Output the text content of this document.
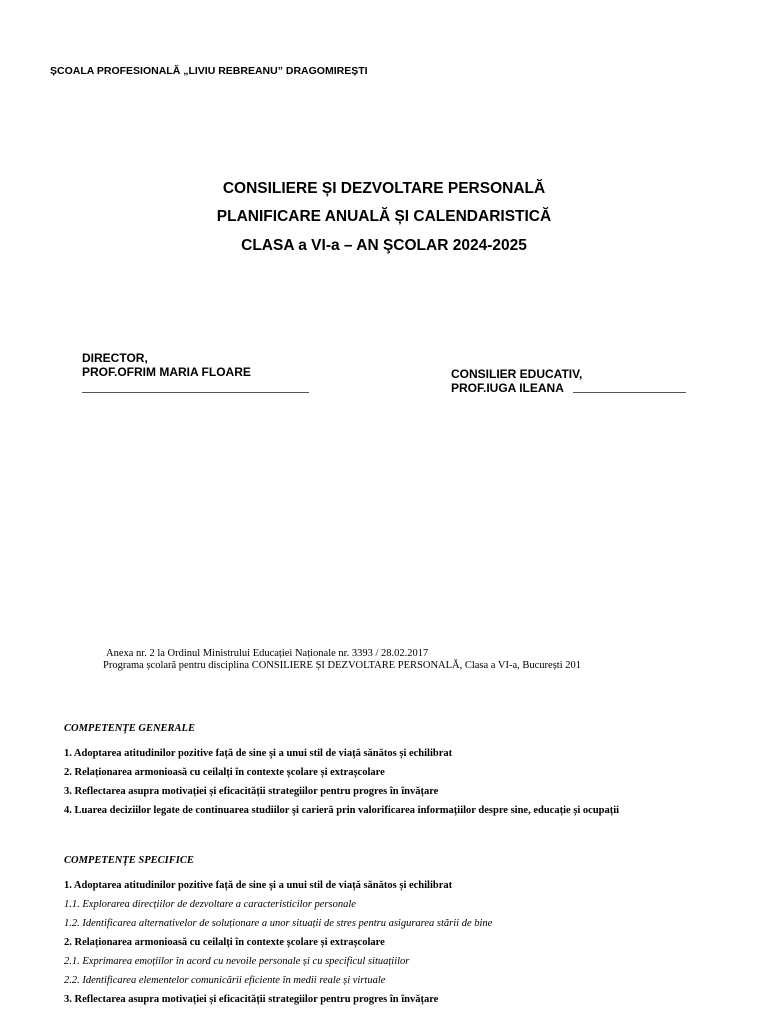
ȘCOALA PROFESIONALĂ „LIVIU REBREANU” DRAGOMIREȘTI
CONSILIERE ȘI DEZVOLTARE PERSONALĂ
PLANIFICARE ANUALĂ ȘI CALENDARISTICĂ
CLASA a VI-a – AN ŞCOLAR 2024-2025
DIRECTOR,
PROF.OFRIM MARIA FLOARE	CONSILIER EDUCATIV,
PROF.IUGA ILEANA
Anexa nr. 2 la Ordinul Ministrului Educației Naționale nr. 3393 / 28.02.2017
Programa școlară pentru disciplina CONSILIERE ȘI DEZVOLTARE PERSONALĂ, Clasa a VI-a, București 201
COMPETENŢE GENERALE
1. Adoptarea atitudinilor pozitive față de sine şi a unui stil de viață sănătos și echilibrat
2. Relaționarea armonioasă cu ceilalți în contexte școlare și extrașcolare
3. Reflectarea asupra motivației și eficacității strategiilor pentru progres în învățare
4. Luarea deciziilor legate de continuarea studiilor şi carieră prin valorificarea informațiilor despre sine, educație și ocupații
COMPETENŢE SPECIFICE
1. Adoptarea atitudinilor pozitive față de sine şi a unui stil de viață sănătos și echilibrat
1.1. Explorarea direcțiilor de dezvoltare a caracteristicilor personale
1.2. Identificarea alternativelor de soluționare a unor situații de stres pentru asigurarea stării de bine
2. Relaționarea armonioasă cu ceilalți în contexte școlare și extrașcolare
2.1. Exprimarea emoțiilor în acord cu nevoile personale și cu specificul situațiilor
2.2. Identificarea elementelor comunicării eficiente în medii reale și virtuale
3. Reflectarea asupra motivației și eficacității strategiilor pentru progres în învățare
